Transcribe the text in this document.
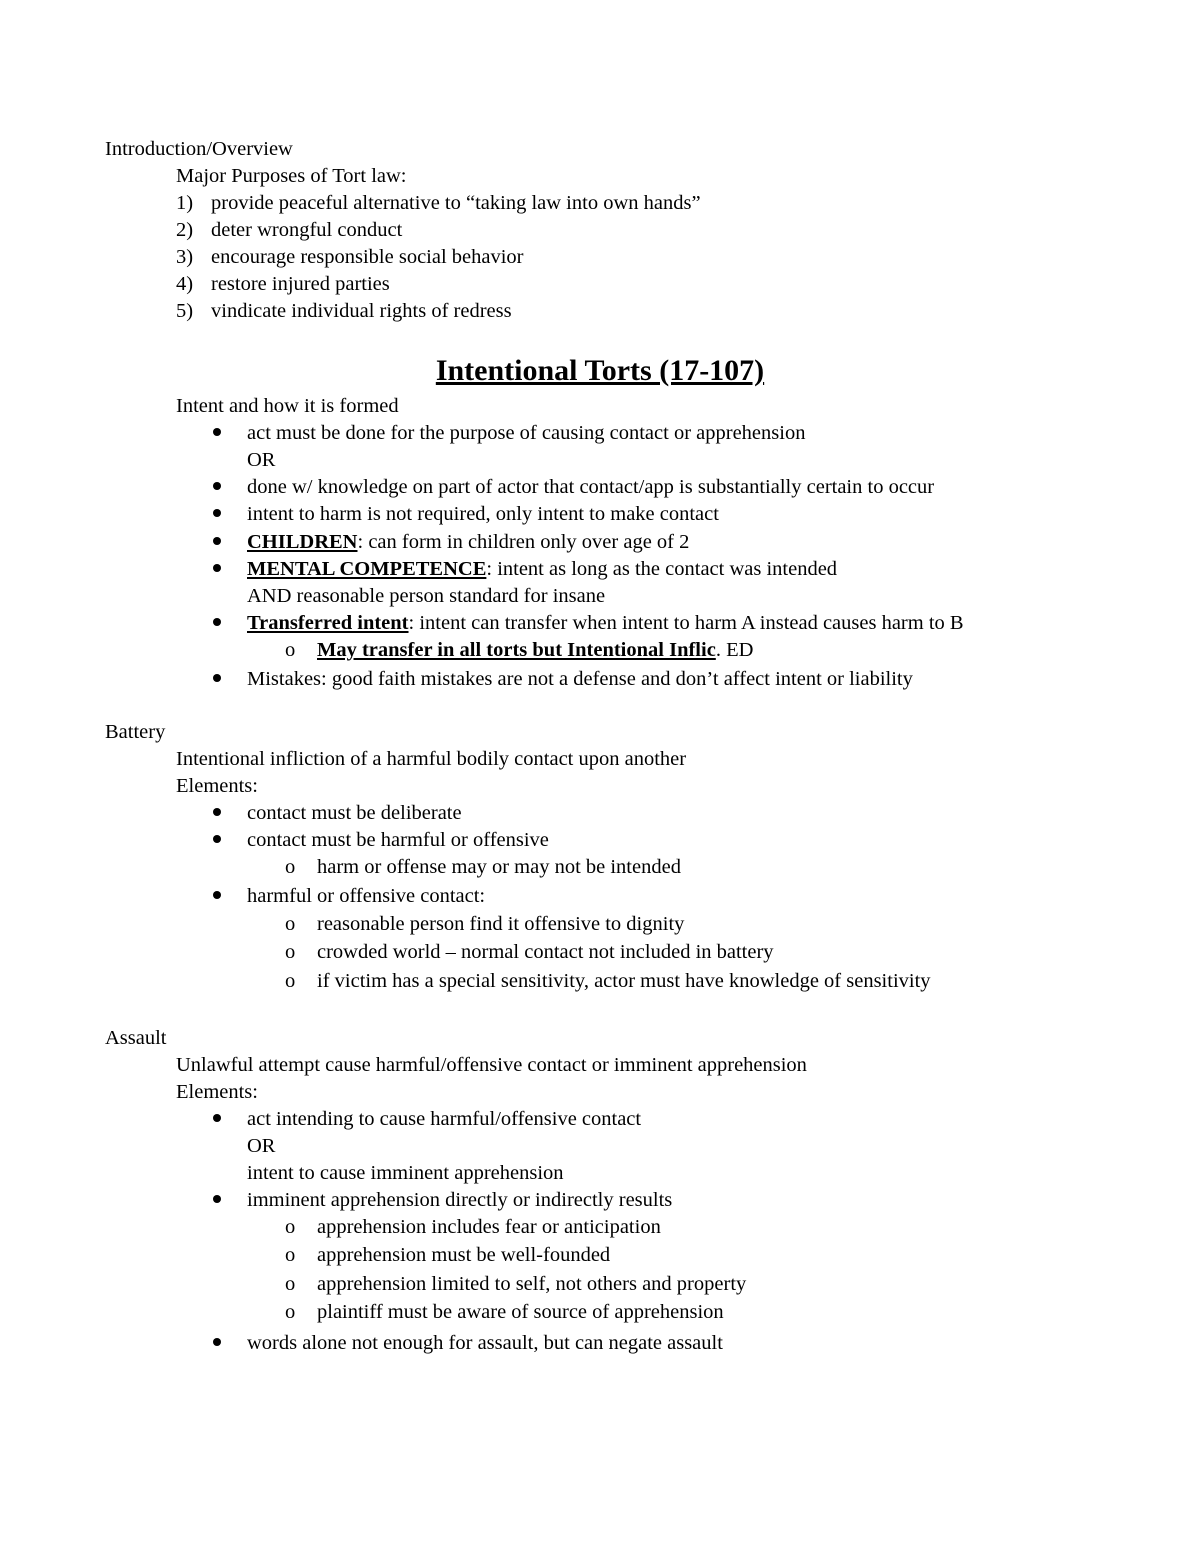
Introduction/Overview
Major Purposes of Tort law:
1) provide peaceful alternative to “taking law into own hands”
2) deter wrongful conduct
3) encourage responsible social behavior
4) restore injured parties
5) vindicate individual rights of redress
Intentional Torts (17-107)
Intent and how it is formed
act must be done for the purpose of causing contact or apprehension
OR
done w/ knowledge on part of actor that contact/app is substantially certain to occur
intent to harm is not required, only intent to make contact
CHILDREN: can form in children only over age of 2
MENTAL COMPETENCE: intent as long as the contact was intended
AND reasonable person standard for insane
Transferred intent: intent can transfer when intent to harm A instead causes harm to B
o May transfer in all torts but Intentional Inflic. ED
Mistakes: good faith mistakes are not a defense and don’t affect intent or liability
Battery
Intentional infliction of a harmful bodily contact upon another
Elements:
contact must be deliberate
contact must be harmful or offensive
o harm or offense may or may not be intended
harmful or offensive contact:
o reasonable person find it offensive to dignity
o crowded world – normal contact not included in battery
o if victim has a special sensitivity, actor must have knowledge of sensitivity
Assault
Unlawful attempt cause harmful/offensive contact or imminent apprehension
Elements:
act intending to cause harmful/offensive contact
OR
intent to cause imminent apprehension
imminent apprehension directly or indirectly results
o apprehension includes fear or anticipation
o apprehension must be well-founded
o apprehension limited to self, not others and property
o plaintiff must be aware of source of apprehension
words alone not enough for assault, but can negate assault
